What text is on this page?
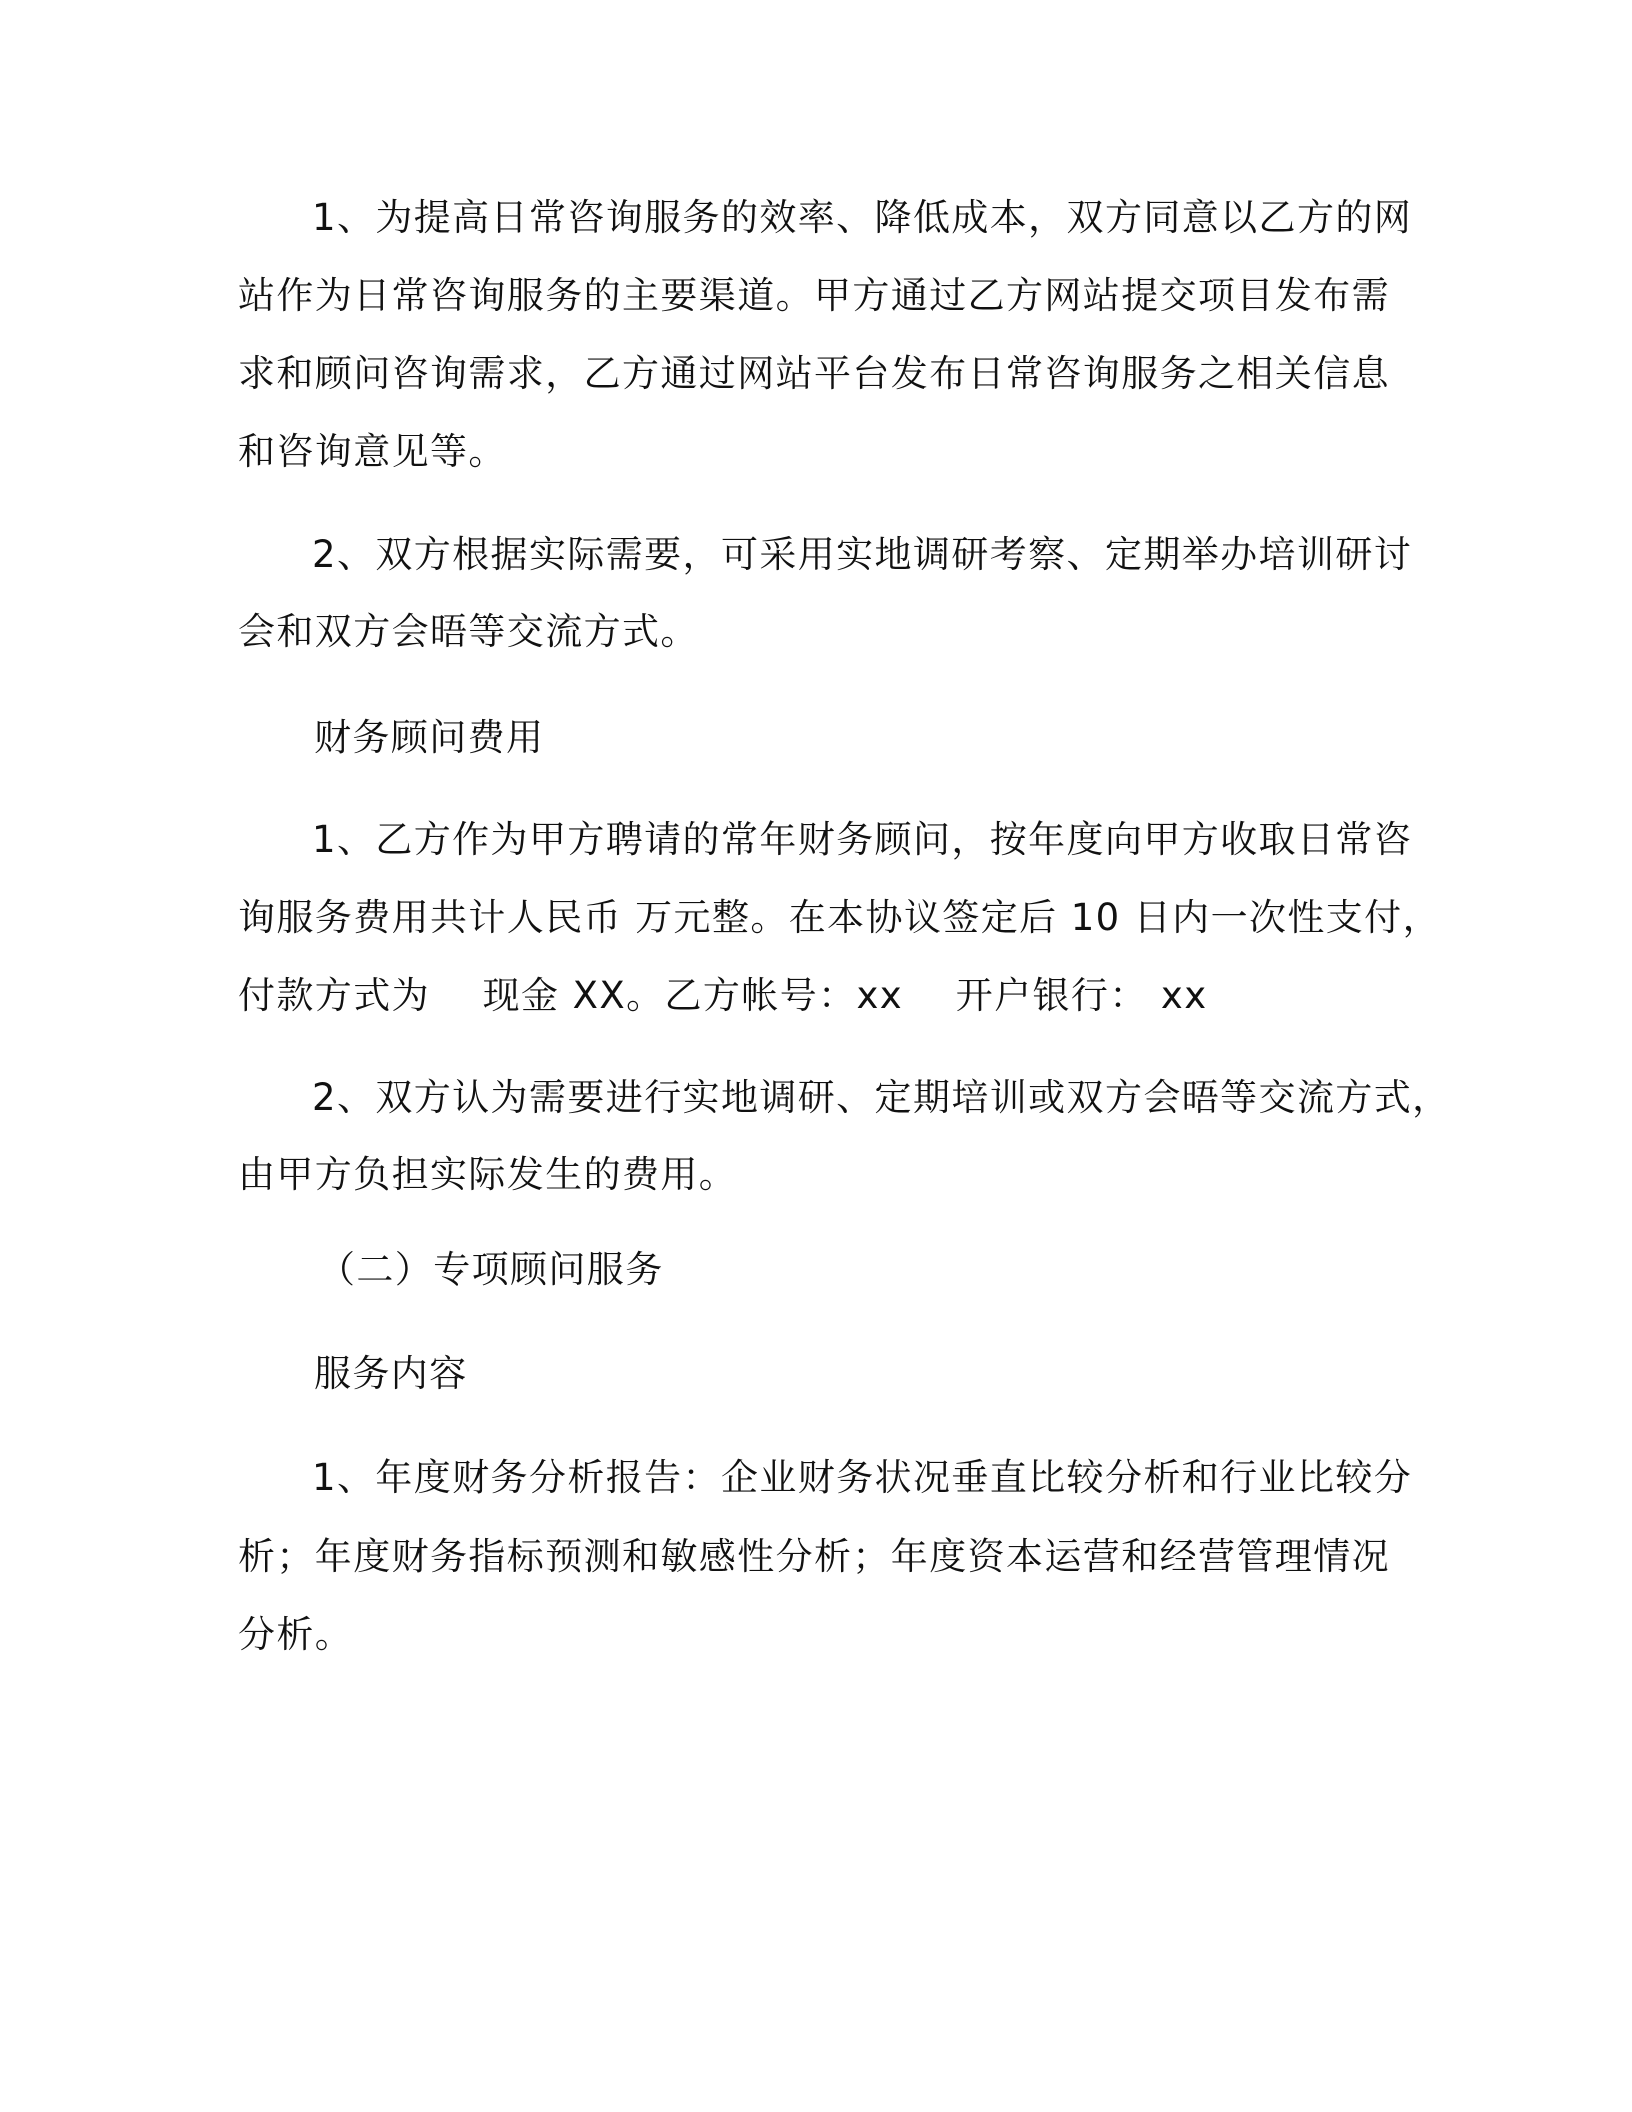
1、为提高日常咨询服务的效率、降低成本，双方同意以乙方的网
站作为日常咨询服务的主要渠道。甲方通过乙方网站提交项目发布需
求和顾问咨询需求，乙方通过网站平台发布日常咨询服务之相关信息
和咨询意见等。
2、双方根据实际需要，可采用实地调研考察、定期举办培训研讨
会和双方会晤等交流方式。
财务顾问费用
1、乙方作为甲方聘请的常年财务顾问，按年度向甲方收取日常咨
询服务费用共计人民币 万元整。在本协议签定后 10 日内一次性支付，
付款方式为    现金 XX。乙方帐号：xx    开户银行： xx
2、双方认为需要进行实地调研、定期培训或双方会晤等交流方式，
由甲方负担实际发生的费用。
（二）专项顾问服务
服务内容
1、年度财务分析报告：企业财务状况垂直比较分析和行业比较分
析；年度财务指标预测和敏感性分析；年度资本运营和经营管理情况
分析。
